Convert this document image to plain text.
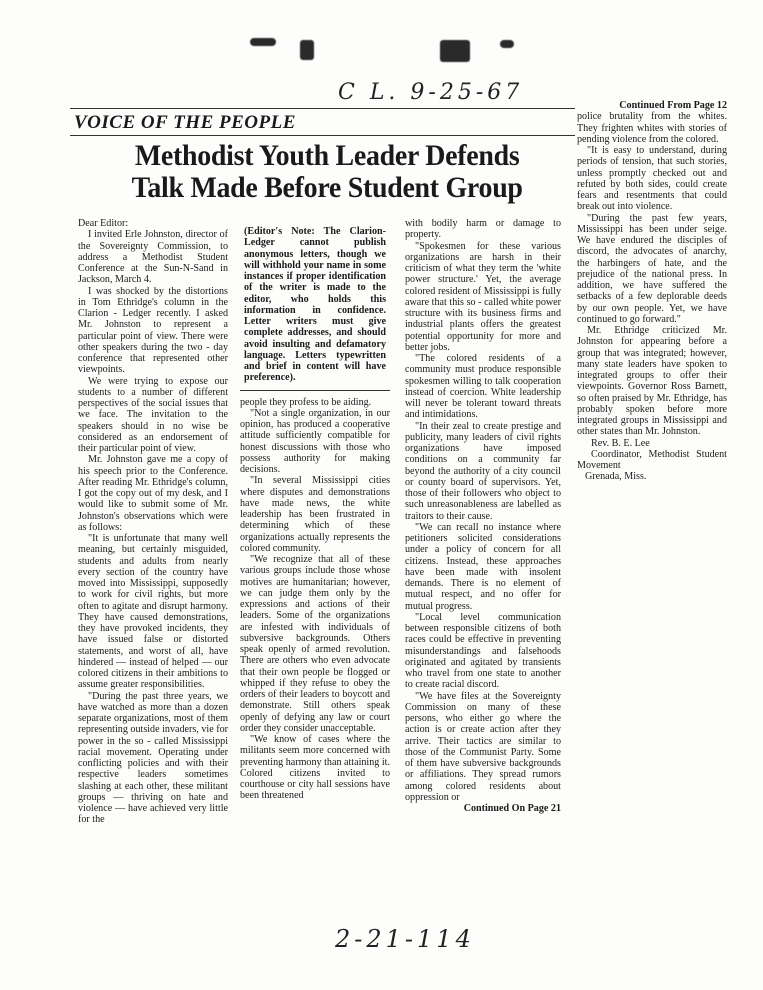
C L. 9-25-67
VOICE OF THE PEOPLE
Methodist Youth Leader Defends
Talk Made Before Student Group

Dear Editor:

I invited Erle Johnston, director of the Sovereignty Commission, to address a Methodist Student Conference at the Sun-N-Sand in Jackson, March 4.

I was shocked by the distortions in Tom Ethridge's column in the Clarion - Ledger recently. I asked Mr. Johnston to represent a particular point of view. There were other speakers during the two - day conference that represented other viewpoints.

We were trying to expose our students to a number of different perspectives of the social issues that we face. The invitation to the speakers should in no wise be considered as an endorsement of their particular point of view.

Mr. Johnston gave me a copy of his speech prior to the Conference. After reading Mr. Ethridge's column, I got the copy out of my desk, and I would like to submit some of Mr. Johnston's observations which were as follows:

"It is unfortunate that many well meaning, but certainly misguided, students and adults from nearly every section of the country have moved into Mississippi, supposedly to work for civil rights, but more often to agitate and disrupt harmony. They have caused demonstrations, they have provoked incidents, they have issued false or distorted statements, and worst of all, have hindered — instead of helped — our colored citizens in their ambitions to assume greater responsibilities.

"During the past three years, we have watched as more than a dozen separate organizations, most of them representing outside invaders, vie for power in the so - called Mississippi racial movement. Operating under conflicting policies and with their respective leaders sometimes slashing at each other, these militant groups — thriving on hate and violence — have achieved very little for the

(Editor's Note: The Clarion-Ledger cannot publish anonymous letters, though we will withhold your name in some instances if proper identification of the writer is made to the editor, who holds this information in confidence. Letter writers must give complete addresses, and should avoid insulting and defamatory language. Letters typewritten and brief in content will have preference).

people they profess to be aiding.

"Not a single organization, in our opinion, has produced a cooperative attitude sufficiently compatible for honest discussions with those who possess authority for making decisions.

"In several Mississippi cities where disputes and demonstrations have made news, the white leadership has been frustrated in determining which of these organizations actually represents the colored community.

"We recognize that all of these various groups include those whose motives are humanitarian; however, we can judge them only by the expressions and actions of their leaders. Some of the organizations are infested with individuals of subversive backgrounds. Others speak openly of armed revolution. There are others who even advocate that their own people be flogged or whipped if they refuse to obey the orders of their leaders to boycott and demonstrate. Still others speak openly of defying any law or court order they consider unacceptable.

"We know of cases where the militants seem more concerned with preventing harmony than attaining it. Colored citizens invited to courthouse or city hall sessions have been threatened

with bodily harm or damage to property.

"Spokesmen for these various organizations are harsh in their criticism of what they term the 'white power structure.' Yet, the average colored resident of Mississippi is fully aware that this so - called white power structure with its business firms and industrial plants offers the greatest potential opportunity for more and better jobs.

"The colored residents of a community must produce responsible spokesmen willing to talk cooperation instead of coercion. White leadership will never be tolerant toward threats and intimidations.

"In their zeal to create prestige and publicity, many leaders of civil rights organizations have imposed conditions on a community far beyond the authority of a city council or county board of supervisors. Yet, those of their followers who object to such unreasonableness are labelled as traitors to their cause.

"We can recall no instance where petitioners solicited considerations under a policy of concern for all citizens. Instead, these approaches have been made with insolent demands. There is no element of mutual respect, and no offer for mutual progress.

"Local level communication between responsible citizens of both races could be effective in preventing misunderstandings and falsehoods originated and agitated by transients who travel from one state to another to create racial discord.

"We have files at the Sovereignty Commission on many of these persons, who either go where the action is or create action after they arrive. Their tactics are similar to those of the Communist Party. Some of them have subversive backgrounds or affiliations. They spread rumors among colored residents about oppression or

Continued On Page 21
Continued From Page 12

police brutality from the whites. They frighten whites with stories of pending violence from the colored.

"It is easy to understand, during periods of tension, that such stories, unless promptly checked out and refuted by both sides, could create fears and resentments that could break out into violence.

"During the past few years, Mississippi has been under seige. We have endured the disciples of discord, the advocates of anarchy, the harbingers of hate, and the prejudice of the national press. In addition, we have suffered the setbacks of a few deplorable deeds by our own people. Yet, we have continued to go forward."

Mr. Ethridge criticized Mr. Johnston for appearing before a group that was integrated; however, many state leaders have spoken to integrated groups to offer their viewpoints. Governor Ross Barnett, so often praised by Mr. Ethridge, has probably spoken before more integrated groups in Mississippi and other states than Mr. Johnston.

Rev. B. E. Lee

Coordinator, Methodist Student Movement

Grenada, Miss.

2-21-114
